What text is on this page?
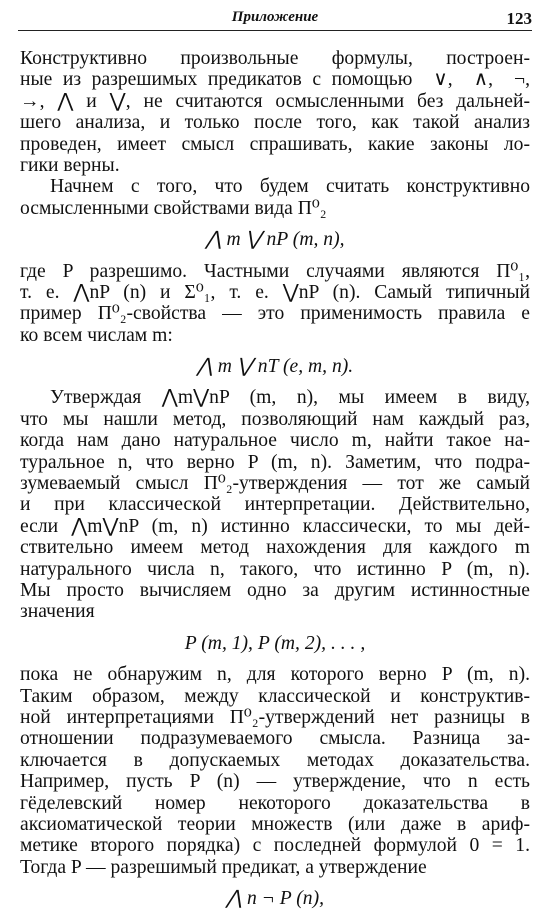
Приложение	123
Конструктивно произвольные формулы, построен-
ные из разрешимых предикатов с помощью  ∨,  ∧,  ¬,
→, ⋀ и ⋁, не считаются осмысленными без дальней-
шего анализа, и только после того, как такой анализ
проведен, имеет смысл спрашивать, какие законы ло-
гики верны.
Начнем с того, что будем считать конструктивно
осмысленными свойствами вида Π⁰₂
⋀ m ⋁ nP (m, n),
где P разрешимо. Частными случаями являются Π⁰₁,
т. е. ⋀nP (n) и Σ⁰₁, т. е. ⋁nP (n). Самый типичный
пример Π⁰₂-свойства — это применимость правила e
ко всем числам m:
⋀ m ⋁ nT (e, m, n).
Утверждая ⋀m⋁nP (m, n), мы имеем в виду,
что мы нашли метод, позволяющий нам каждый раз,
когда нам дано натуральное число m, найти такое на-
туральное n, что верно P (m, n). Заметим, что подра-
зумеваемый смысл Π⁰₂-утверждения — тот же самый
и при классической интерпретации. Действительно,
если ⋀m⋁nP (m, n) истинно классически, то мы дей-
ствительно имеем метод нахождения для каждого m
натурального числа n, такого, что истинно P (m, n).
Мы просто вычисляем одно за другим истинностные
значения
P (m, 1), P (m, 2), . . . ,
пока не обнаружим n, для которого верно P (m, n).
Таким образом, между классической и конструктив-
ной интерпретациями Π⁰₂-утверждений нет разницы в
отношении подразумеваемого смысла. Разница за-
ключается в допускаемых методах доказательства.
Например, пусть P (n) — утверждение, что n есть
гёделевский номер некоторого доказательства в
аксиоматической теории множеств (или даже в ариф-
метике второго порядка) с последней формулой 0 = 1.
Тогда P — разрешимый предикат, а утверждение
⋀ n ¬ P (n),
